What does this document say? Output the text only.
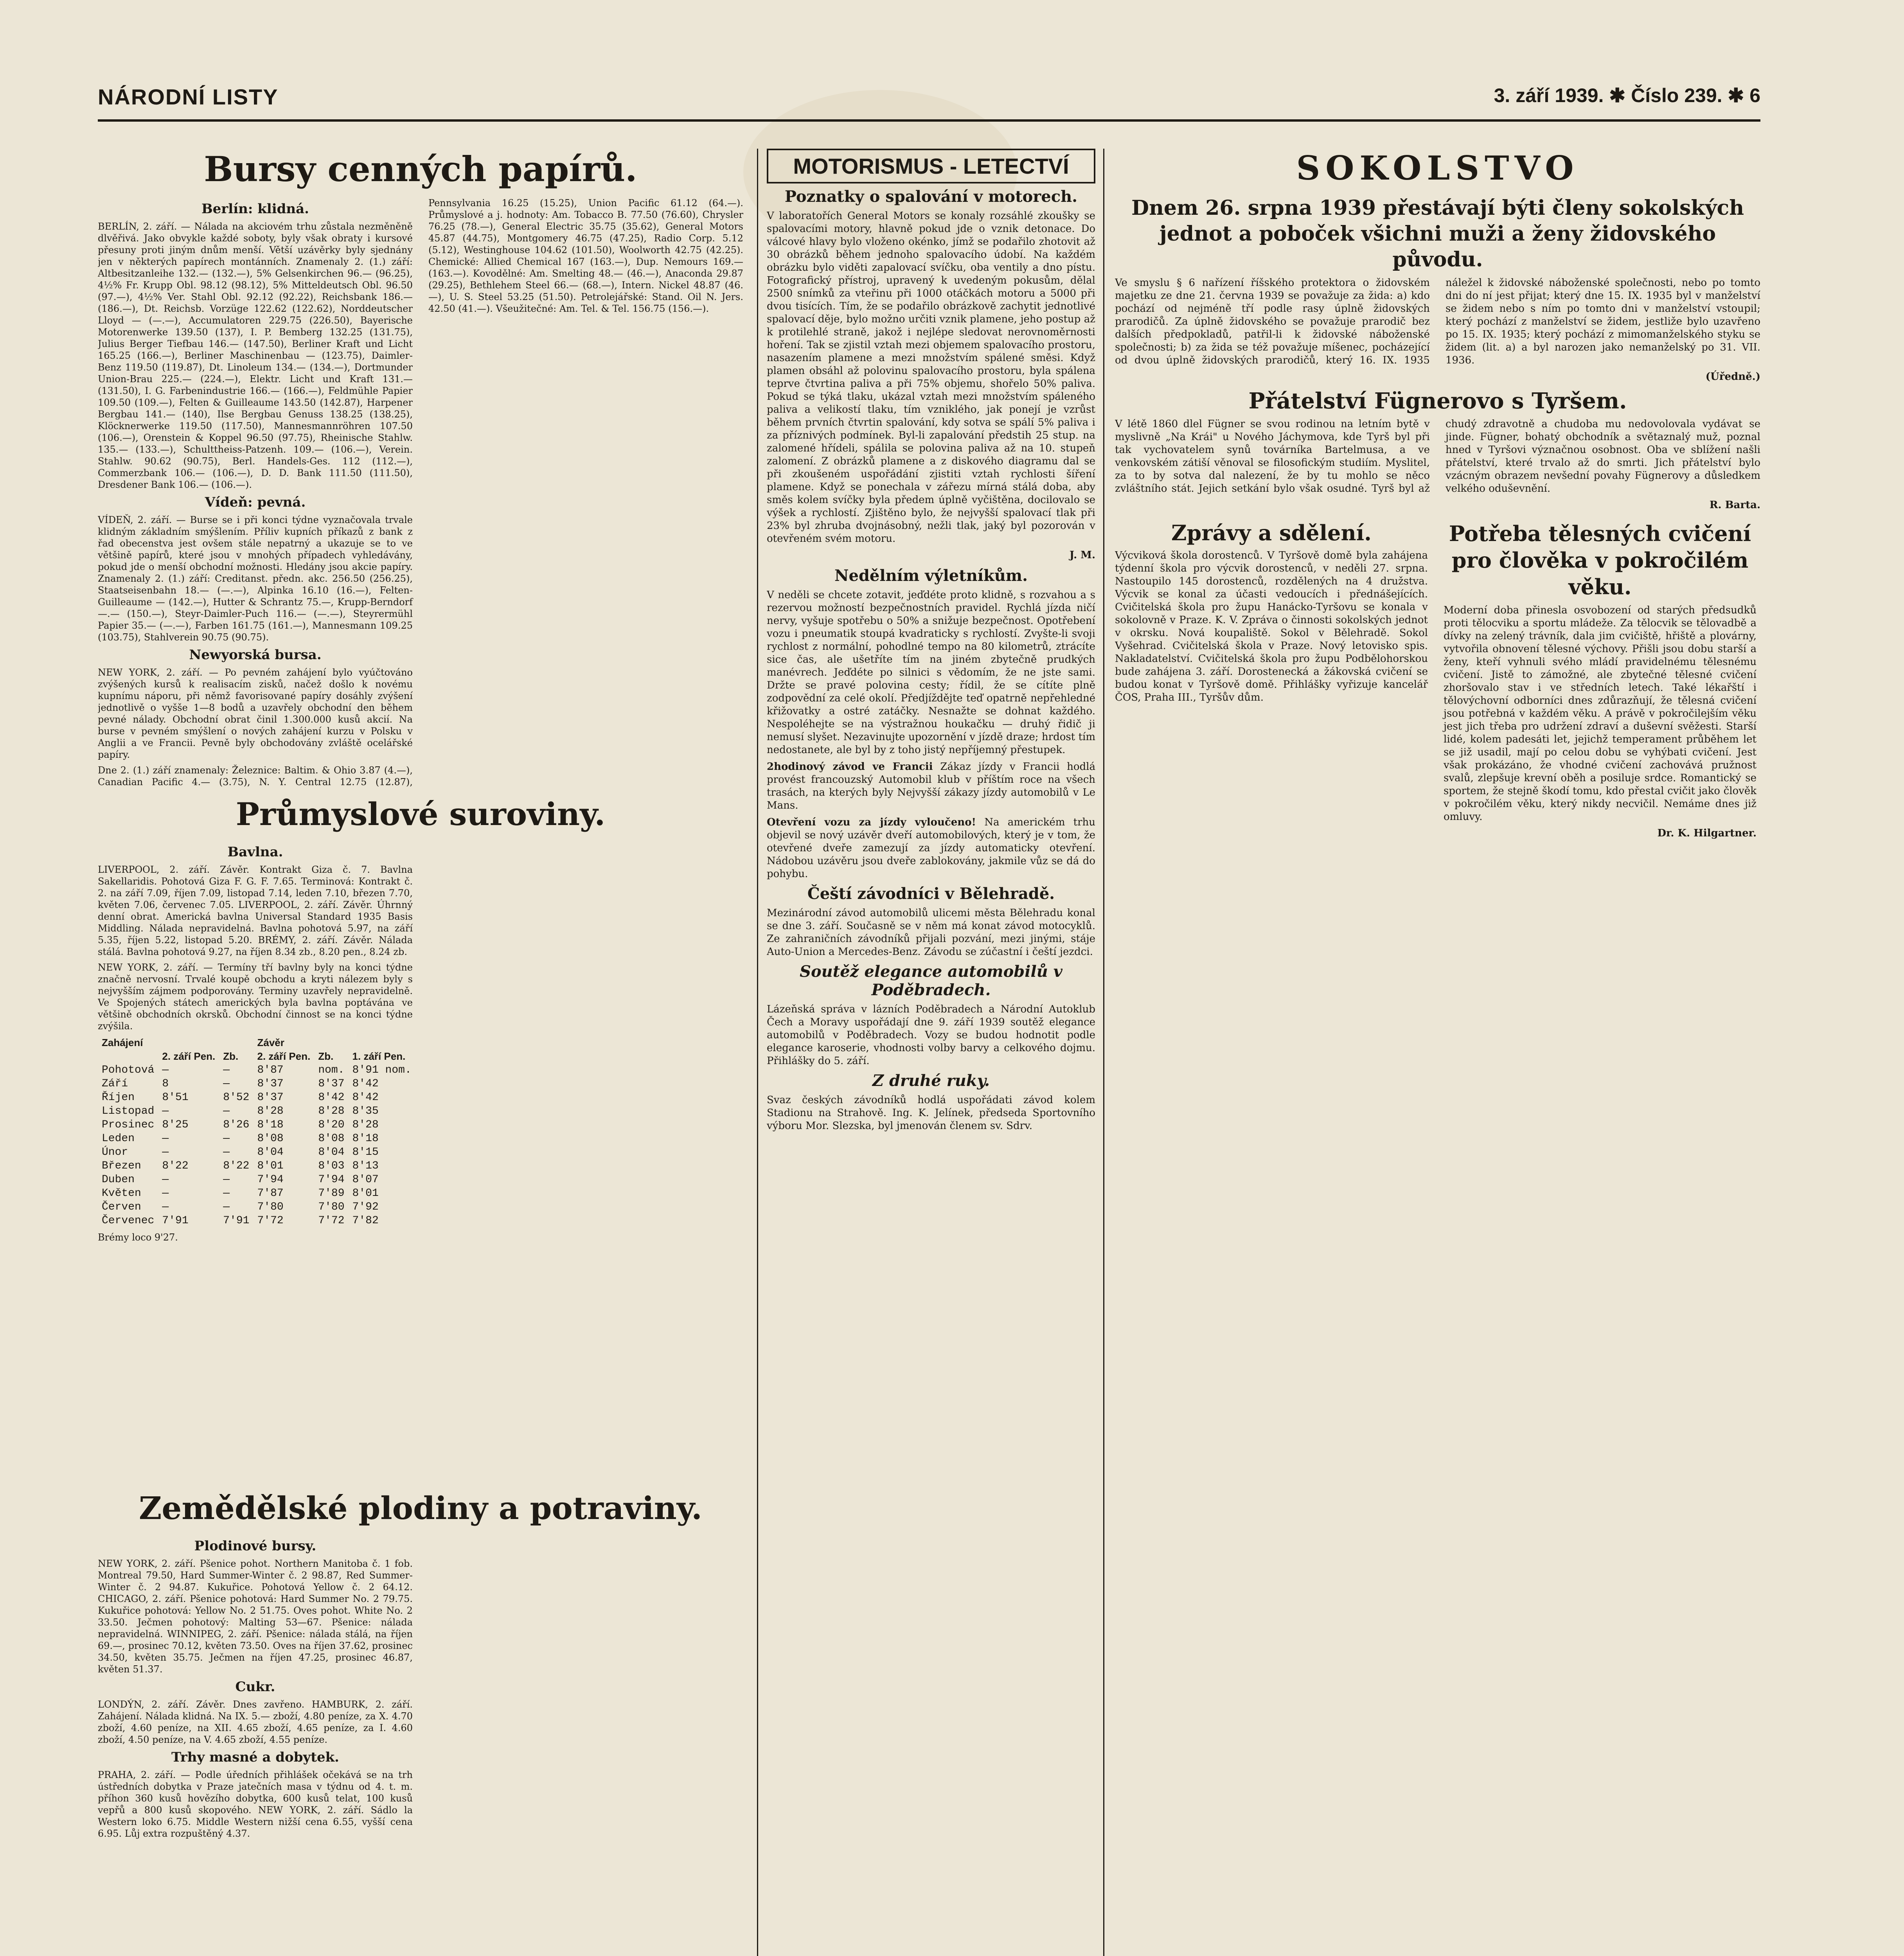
NÁRODNÍ LISTY	3. září 1939. ✱ Číslo 239. ✱ 6
Bursy cenných papírů.
Berlín: klidná.

BERLÍN, 2. září. — Nálada na akciovém trhu zůstala nezměněně dlvěřivá. Jako obvykle každé soboty, byly však obraty i kursové přesuny proti jiným dnům menší. Větší uzávěrky byly sjednány jen v některých papírech montánních. Znamenaly 2. (1.) září: Altbesitzanleihe 132.— (132.—), 5% Gelsenkirchen 96.— (96.25), 4½% Fr. Krupp Obl. 98.12 (98.12), 5% Mitteldeutsch Obl. 96.50 (97.—), 4½% Ver. Stahl Obl. 92.12 (92.22), Reichsbank 186.— (186.—), Dt. Reichsb. Vorzüge 122.62 (122.62), Norddeutscher Lloyd — (—.—), Accumulatoren 229.75 (226.50), Bayerische Motorenwerke 139.50 (137), I. P. Bemberg 132.25 (131.75), Julius Berger Tiefbau 146.— (147.50), Berliner Kraft und Licht 165.25 (166.—), Berliner Maschinenbau — (123.75), Daimler-Benz 119.50 (119.87), Dt. Linoleum 134.— (134.—), Dortmunder Union-Brau 225.— (224.—), Elektr. Licht und Kraft 131.— (131.50), I. G. Farbenindustrie 166.— (166.—), Feldmühle Papier 109.50 (109.—), Felten & Guilleaume 143.50 (142.87), Harpener Bergbau 141.— (140), Ilse Bergbau Genuss 138.25 (138.25), Klöcknerwerke 119.50 (117.50), Mannesmannröhren 107.50 (106.—), Orenstein & Koppel 96.50 (97.75), Rheinische Stahlw. 135.— (133.—), Schulttheiss-Patzenh. 109.— (106.—), Verein. Stahlw. 90.62 (90.75), Berl. Handels-Ges. 112 (112.—), Commerzbank 106.— (106.—), D. D. Bank 111.50 (111.50), Dresdener Bank 106.— (106.—).

Vídeň: pevná.

VÍDEŇ, 2. září. — Burse se i při konci týdne vyznačovala trvale klidným základním smýšlením. Příliv kupních příkazů z bank z řad obecenstva jest ovšem stále nepatrný a ukazuje se to ve většině papírů, které jsou v mnohých případech vyhledávány, pokud jde o menší obchodní možnosti. Hledány jsou akcie papíry. Znamenaly 2. (1.) září: Creditanst. předn. akc. 256.50 (256.25), Staatseisenbahn 18.— (—.—), Alpinka 16.10 (16.—), Felten-Guilleaume — (142.—), Hutter & Schrantz 75.—, Krupp-Berndorf —.— (150.—), Steyr-Daimler-Puch 116.— (—.—), Steyrermühl Papier 35.— (—.—), Farben 161.75 (161.—), Mannesmann 109.25 (103.75), Stahlverein 90.75 (90.75).

Newyorská bursa.

NEW YORK, 2. září. — Po pevném zahájení bylo vyúčtováno zvýšených kursů k realisacím zisků, načež došlo k novému kupnímu náporu, při němž favorisované papíry dosáhly zvýšení jednotlivě o vyšše 1—8 bodů a uzavřely obchodní den během pevné nálady. Obchodní obrat činil 1.300.000 kusů akcií. Na burse v pevném smýšlení o nových zahájení kurzu v Polsku v Anglii a ve Francii. Pevně byly obchodovány zvláště ocelářské papíry.

Dne 2. (1.) září znamenaly: Železnice: Baltim. & Ohio 3.87 (4.—), Canadian Pacific 4.— (3.75), N. Y. Central 12.75 (12.87), Pennsylvania 16.25 (15.25), Union Pacific 61.12 (64.—). Průmyslové a j. hodnoty: Am. Tobacco B. 77.50 (76.60), Chrysler 76.25 (78.—), General Electric 35.75 (35.62), General Motors 45.87 (44.75), Montgomery 46.75 (47.25), Radio Corp. 5.12 (5.12), Westinghouse 104.62 (101.50), Woolworth 42.75 (42.25). Chemické: Allied Chemical 167 (163.—), Dup. Nemours 169.— (163.—). Kovodělné: Am. Smelting 48.— (46.—), Anaconda 29.87 (29.25), Bethlehem Steel 66.— (68.—), Intern. Nickel 48.87 (46.—), U. S. Steel 53.25 (51.50). Petrolejářské: Stand. Oil N. Jers. 42.50 (41.—). Všeužitečné: Am. Tel. & Tel. 156.75 (156.—).

Průmyslové suroviny.
Bavlna.

LIVERPOOL, 2. září. Závěr. Kontrakt Giza č. 7. Bavlna Sakellaridis. Pohotová Giza F. G. F. 7.65. Terminová: Kontrakt č. 2. na září 7.09, říjen 7.09, listopad 7.14, leden 7.10, březen 7.70, květen 7.06, červenec 7.05. LIVERPOOL, 2. září. Závěr. Úhrnný denní obrat. Americká bavlna Universal Standard 1935 Basis Middling. Nálada nepravidelná. Bavlna pohotová 5.97, na září 5.35, říjen 5.22, listopad 5.20. BRÉMY, 2. září. Závěr. Nálada stálá. Bavlna pohotová 9.27, na říjen 8.34 zb., 8.20 pen., 8.24 zb.

NEW YORK, 2. září. — Termíny tří bavlny byly na konci týdne značně nervosní. Trvalé koupě obchodu a kryti nálezem byly s nejvyšším zájmem podporovány. Terminy uzavřely nepravidelně. Ve Spojených státech amerických byla bavlna poptávána ve většině obchodních okrsků. Obchodní činnost se na konci týdne zvýšila.

Zahájení			Závěr		
	2. září Pen.	Zb.	2. září Pen.	Zb.	1. září Pen.
Pohotová	—	—	8'87	nom.	8'91 nom.
Září	8	—	8'37	8'37	8'42
Říjen	8'51	8'52	8'37	8'42	8'42
Listopad	—	—	8'28	8'28	8'35
Prosinec	8'25	8'26	8'18	8'20	8'28
Leden	—	—	8'08	8'08	8'18
Únor	—	—	8'04	8'04	8'15
Březen	8'22	8'22	8'01	8'03	8'13
Duben	—	—	7'94	7'94	8'07
Květen	—	—	7'87	7'89	8'01
Červen	—	—	7'80	7'80	7'92
Červenec	7'91	7'91	7'72	7'72	7'82

Brémy loco 9'27.

Zemědělské plodiny a potraviny.
Plodinové bursy.

NEW YORK, 2. září. Pšenice pohot. Northern Manitoba č. 1 fob. Montreal 79.50, Hard Summer-Winter č. 2 98.87, Red Summer-Winter č. 2 94.87. Kukuřice. Pohotová Yellow č. 2 64.12. CHICAGO, 2. září. Pšenice pohotová: Hard Summer No. 2 79.75. Kukuřice pohotová: Yellow No. 2 51.75. Oves pohot. White No. 2 33.50. Ječmen pohotový: Malting 53—67. Pšenice: nálada nepravidelná. WINNIPEG, 2. září. Pšenice: nálada stálá, na říjen 69.—, prosinec 70.12, květen 73.50. Oves na říjen 37.62, prosinec 34.50, květen 35.75. Ječmen na říjen 47.25, prosinec 46.87, květen 51.37.

Cukr.

LONDÝN, 2. září. Závěr. Dnes zavřeno. HAMBURK, 2. září. Zahájení. Nálada klidná. Na IX. 5.— zboží, 4.80 peníze, za X. 4.70 zboží, 4.60 peníze, na XII. 4.65 zboží, 4.65 peníze, za I. 4.60 zboží, 4.50 peníze, na V. 4.65 zboží, 4.55 peníze.

Trhy masné a dobytek.

PRAHA, 2. září. — Podle úředních přihlášek očekává se na trh ústředních dobytka v Praze jatečních masa v týdnu od 4. t. m. příhon 360 kusů hovězího dobytka, 600 kusů telat, 100 kusů vepřů a 800 kusů skopového. NEW YORK, 2. září. Sádlo la Western loko 6.75. Middle Western nižší cena 6.55, vyšší cena 6.95. Lůj extra rozpuštěný 4.37.

MOTORISMUS - LETECTVÍ
Poznatky o spalování v motorech.

V laboratořích General Motors se konaly rozsáhlé zkoušky se spalovacími motory, hlavně pokud jde o vznik detonace. Do válcové hlavy bylo vloženo okénko, jímž se podařilo zhotovit až 30 obrázků během jednoho spalovacího údobí. Na každém obrázku bylo viděti zapalovací svíčku, oba ventily a dno pístu. Fotografický přístroj, upravený k uvedeným pokusům, dělal 2500 snímků za vteřinu při 1000 otáčkách motoru a 5000 při dvou tisících. Tím, že se podařilo obrázkově zachytit jednotlivé spalovací děje, bylo možno určiti vznik plamene, jeho postup až k protilehlé straně, jakož i nejlépe sledovat nerovnoměrnosti hoření. Tak se zjistil vztah mezi objemem spalovacího prostoru, nasazením plamene a mezi množstvím spálené směsi. Když plamen obsáhl až polovinu spalovacího prostoru, byla spálena teprve čtvrtina paliva a při 75% objemu, shořelo 50% paliva. Pokud se týká tlaku, ukázal vztah mezi množstvím spáleného paliva a velikostí tlaku, tím vzniklého, jak ponejí je vzrůst během prvních čtvrtin spalování, kdy sotva se spálí 5% paliva i za příznivých podmínek. Byl-li zapalování předstih 25 stup. na zalomené hřídeli, spálila se polovina paliva až na 10. stupeň zalomení. Z obrázků plamene a z diskového diagramu dal se při zkoušeném uspořádání zjistiti vztah rychlosti šíření plamene. Když se ponechala v zářezu mírná stálá doba, aby směs kolem svíčky byla předem úplně vyčištěna, docilovalo se výšek a rychlostí. Zjištěno bylo, že nejvyšší spalovací tlak při 23% byl zhruba dvojnásobný, nežli tlak, jaký byl pozorován v otevřeném svém motoru.

J. M.
Nedělním výletníkům.

V neděli se chcete zotavit, jeďdéte proto klidně, s rozvahou a s rezervou možností bezpečnostních pravidel. Rychlá jízda ničí nervy, vyšuje spotřebu o 50% a snižuje bezpečnost. Opotřebení vozu i pneumatik stoupá kvadraticky s rychlostí. Zvyšte-li svoji rychlost z normální, pohodlné tempo na 80 kilometrů, ztrácíte sice čas, ale ušetříte tím na jiném zbytečně prudkých manévrech. Jeďdéte po silnici s vědomím, že ne jste sami. Držte se pravé polovina cesty; řídil, že se cítíte plně zodpovědní za celé okolí. Předjíždějte teď opatrně nepřehledné křižovatky a ostré zatáčky. Nesnažte se dohnat každého. Nespoléhejte se na výstražnou houkačku — druhý řidič ji nemusí slyšet. Nezavinujte upozornění v jízdě draze; hrdost tím nedostanete, ale byl by z toho jistý nepříjemný přestupek.

2hodinový závod ve Francii Zákaz jízdy v Francii hodlá provést francouzský Automobil klub v příštím roce na všech trasách, na kterých byly Nejvyšší zákazy jízdy automobilů v Le Mans.

Otevření vozu za jízdy vyloučeno! Na americkém trhu objevil se nový uzávěr dveří automobilových, který je v tom, že otevřené dveře zamezují za jízdy automaticky otevření. Nádobou uzávěru jsou dveře zablokovány, jakmile vůz se dá do pohybu.

Čeští závodníci v Bělehradě.

Mezinárodní závod automobilů ulicemi města Bělehradu konal se dne 3. září. Současně se v něm má konat závod motocyklů. Ze zahraničních závodníků přijali pozvání, mezi jinými, stáje Auto-Union a Mercedes-Benz. Závodu se zúčastní i čeští jezdci.

Soutěž elegance automobilů v Poděbradech.

Lázeňská správa v lázních Poděbradech a Národní Autoklub Čech a Moravy uspořádají dne 9. září 1939 soutěž elegance automobilů v Poděbradech. Vozy se budou hodnotit podle elegance karoserie, vhodnosti volby barvy a celkového dojmu. Přihlášky do 5. září.

Z druhé ruky.

Svaz českých závodníků hodlá uspořádati závod kolem Stadionu na Strahově. Ing. K. Jelínek, předseda Sportovního výboru Mor. Slezska, byl jmenován členem sv. Sdrv.

SOKOLSTVO
Dnem 26. srpna 1939 přestávají býti členy sokolských jednot a poboček všichni muži a ženy židovského původu.

Ve smyslu § 6 nařízení říšského protektora o židovském majetku ze dne 21. června 1939 se považuje za žida: a) kdo pochází od nejméně tří podle rasy úplně židovských prarodičů. Za úplně židovského se považuje prarodič bez dalších předpokladů, patřil-li k židovské náboženské společnosti; b) za žida se též považuje míšenec, pocházející od dvou úplně židovských prarodičů, který 16. IX. 1935 náležel k židovské náboženské společnosti, nebo po tomto dni do ní jest přijat; který dne 15. IX. 1935 byl v manželství se židem nebo s ním po tomto dni v manželství vstoupil; který pochází z manželství se židem, jestliže bylo uzavřeno po 15. IX. 1935; který pochází z mimomanželského styku se židem (lit. a) a byl narozen jako nemanželský po 31. VII. 1936.

(Úředně.)
Přátelství Fügnerovo s Tyršem.

V létě 1860 dlel Fügner se svou rodinou na letním bytě v myslivně „Na Krái" u Nového Jáchymova, kde Tyrš byl při tak vychovatelem synů továrníka Bartelmusa, a ve venkovském zátiší věnoval se filosofickým studiím. Myslitel, za to by sotva dal nalezení, že by tu mohlo se něco zvláštního stát. Jejich setkání bylo však osudné. Tyrš byl až chudý zdravotně a chudoba mu nedovolovala vydávat se jinde. Fügner, bohatý obchodník a světaznalý muž, poznal hned v Tyršovi význačnou osobnost. Oba ve sblížení našli přátelství, které trvalo až do smrti. Jich přátelství bylo vzácným obrazem nevšední povahy Fügnerovy a důsledkem velkého oduševnění.

R. Barta.
Zprávy a sdělení.

Výcviková škola dorostenců. V Tyršově domě byla zahájena týdenní škola pro výcvik dorostenců, v neděli 27. srpna. Nastoupilo 145 dorostenců, rozdělených na 4 družstva. Výcvik se konal za účasti vedoucích i přednášejících. Cvičitelská škola pro župu Hanácko-Tyršovu se konala v sokolovně v Praze. K. V. Zpráva o činnosti sokolských jednot v okrsku. Nová koupaliště. Sokol v Bělehradě. Sokol Vyšehrad. Cvičitelská škola v Praze. Nový letovisko spis. Nakladatelství. Cvičitelská škola pro župu Podbělohorskou bude zahájena 3. září. Dorostenecká a žákovská cvičení se budou konat v Tyršově domě. Přihlášky vyřizuje kancelář ČOS, Praha III., Tyršův dům.

Potřeba tělesných cvičení pro člověka v pokročilém věku.

Moderní doba přinesla osvobození od starých předsudků proti tělocviku a sportu mládeže. Za tělocvik se tělovadbě a dívky na zelený trávník, dala jim cvičiště, hřiště a plovárny, vytvořila obnovení tělesné výchovy. Přišli jsou dobu starší a ženy, kteří vyhnuli svého mládí pravidelnému tělesnému cvičení. Jistě to zámožné, ale zbytečné tělesné cvičení zhoršovalo stav i ve středních letech. Také lékařští i tělovýchovní odborníci dnes zdůrazňují, že tělesná cvičení jsou potřebná v každém věku. A právě v pokročilejším věku jest jich třeba pro udržení zdraví a duševní svěžesti. Starší lidé, kolem padesáti let, jejichž temperament průběhem let se již usadil, mají po celou dobu se vyhýbati cvičení. Jest však prokázáno, že vhodné cvičení zachovává pružnost svalů, zlepšuje krevní oběh a posiluje srdce. Romantický se sportem, že stejně škodí tomu, kdo přestal cvičit jako člověk v pokročilém věku, který nikdy necvičil. Nemáme dnes již omluvy.

Dr. K. Hilgartner.
